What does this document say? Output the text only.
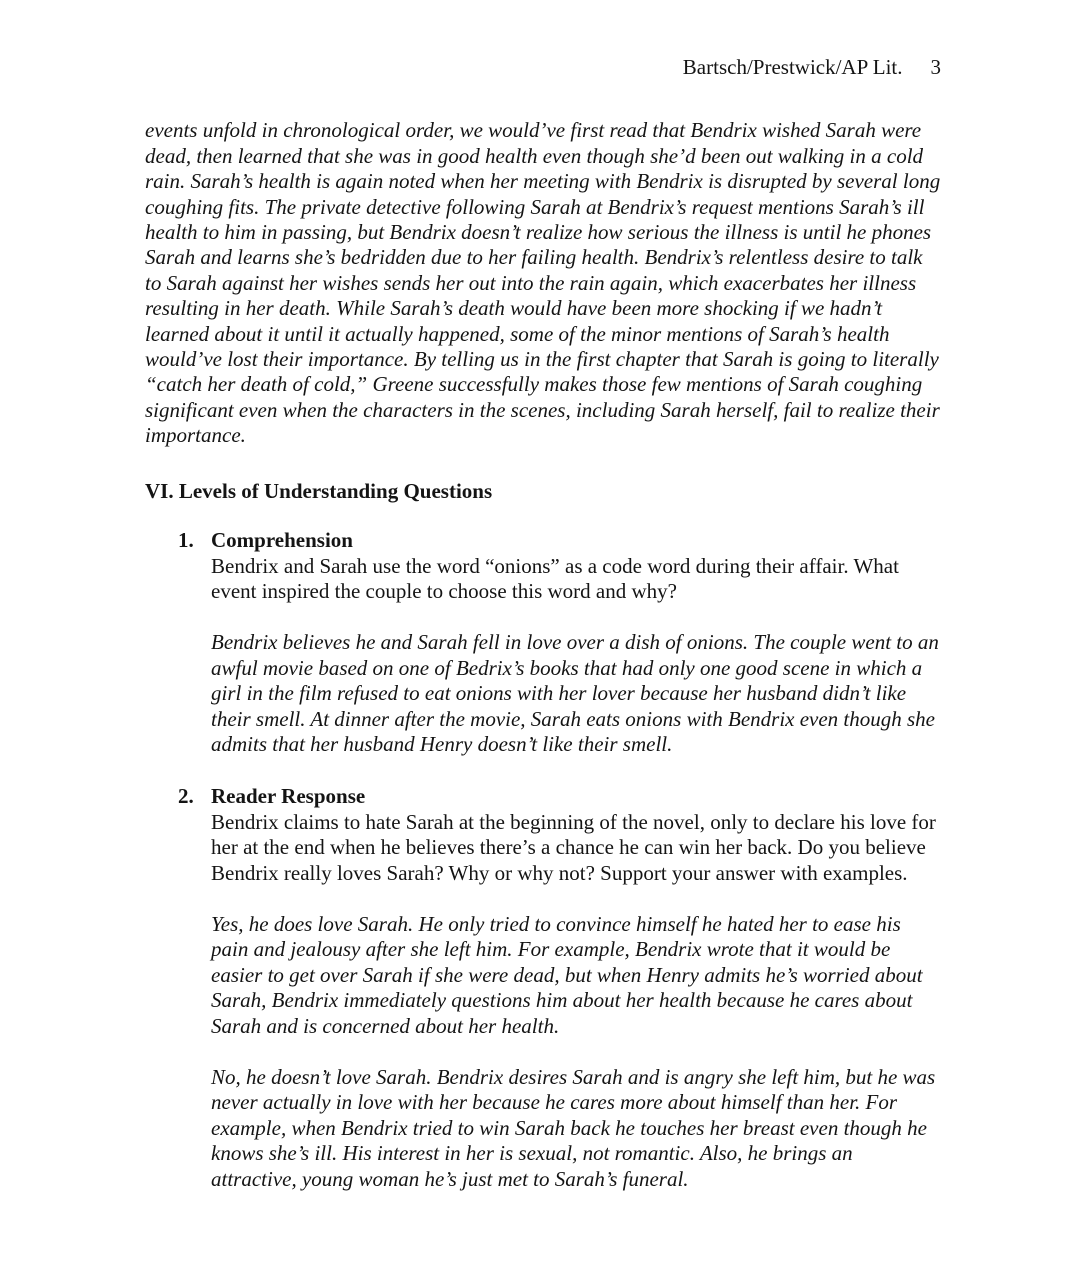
Bartsch/Prestwick/AP Lit. 3

events unfold in chronological order, we would’ve first read that Bendrix wished Sarah were dead, then learned that she was in good health even though she’d been out walking in a cold rain. Sarah’s health is again noted when her meeting with Bendrix is disrupted by several long coughing fits. The private detective following Sarah at Bendrix’s request mentions Sarah’s ill health to him in passing, but Bendrix doesn’t realize how serious the illness is until he phones Sarah and learns she’s bedridden due to her failing health. Bendrix’s relentless desire to talk to Sarah against her wishes sends her out into the rain again, which exacerbates her illness resulting in her death. While Sarah’s death would have been more shocking if we hadn’t learned about it until it actually happened, some of the minor mentions of Sarah’s health would’ve lost their importance. By telling us in the first chapter that Sarah is going to literally “catch her death of cold,” Greene successfully makes those few mentions of Sarah coughing significant even when the characters in the scenes, including Sarah herself, fail to realize their importance.

VI. Levels of Understanding Questions
1. Comprehension

Bendrix and Sarah use the word “onions” as a code word during their affair. What event inspired the couple to choose this word and why?

Bendrix believes he and Sarah fell in love over a dish of onions. The couple went to an awful movie based on one of Bedrix’s books that had only one good scene in which a girl in the film refused to eat onions with her lover because her husband didn’t like their smell. At dinner after the movie, Sarah eats onions with Bendrix even though she admits that her husband Henry doesn’t like their smell.

2. Reader Response

Bendrix claims to hate Sarah at the beginning of the novel, only to declare his love for her at the end when he believes there’s a chance he can win her back. Do you believe Bendrix really loves Sarah? Why or why not? Support your answer with examples.

Yes, he does love Sarah. He only tried to convince himself he hated her to ease his pain and jealousy after she left him. For example, Bendrix wrote that it would be easier to get over Sarah if she were dead, but when Henry admits he’s worried about Sarah, Bendrix immediately questions him about her health because he cares about Sarah and is concerned about her health.

No, he doesn’t love Sarah. Bendrix desires Sarah and is angry she left him, but he was never actually in love with her because he cares more about himself than her. For example, when Bendrix tried to win Sarah back he touches her breast even though he knows she’s ill. His interest in her is sexual, not romantic. Also, he brings an attractive, young woman he’s just met to Sarah’s funeral.
